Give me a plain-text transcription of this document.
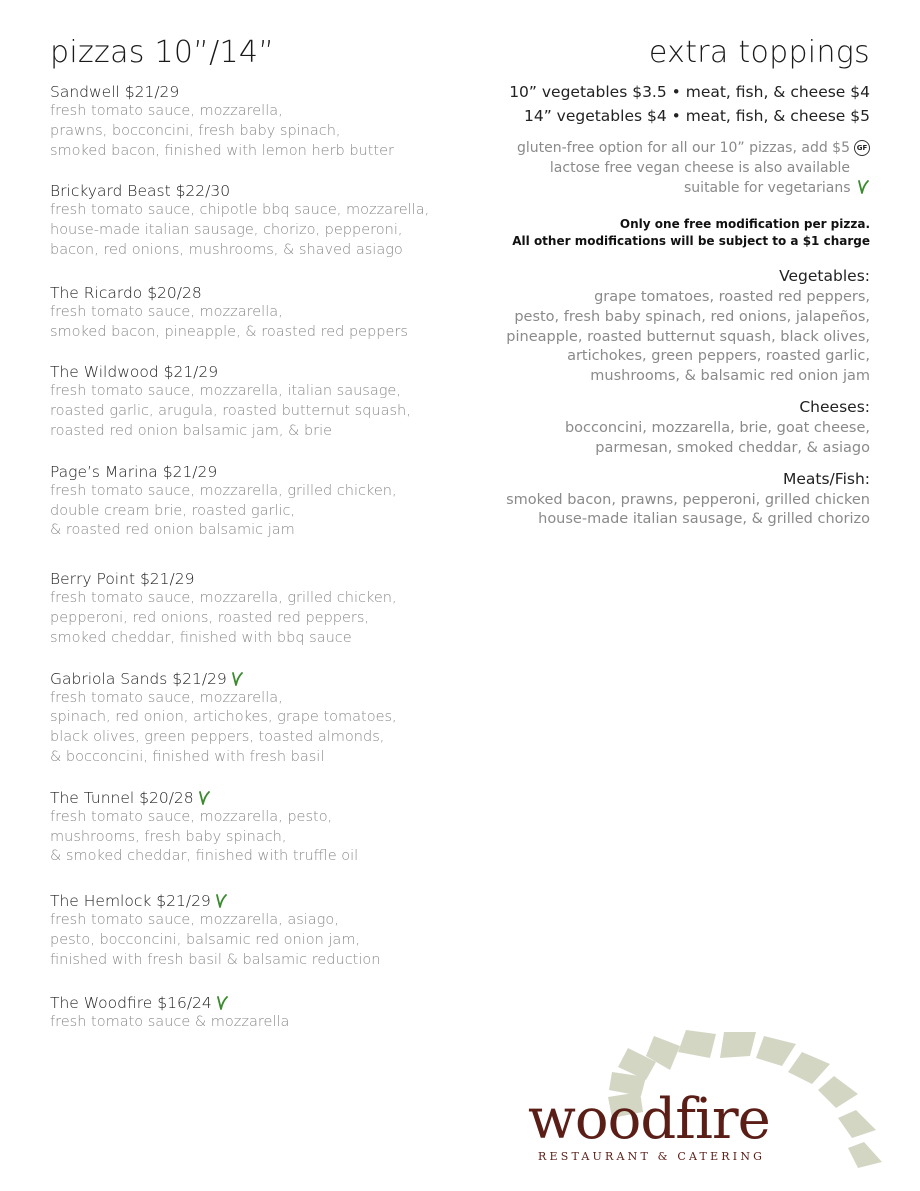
pizzas 10”/14”
Sandwell $21/29
fresh tomato sauce, mozzarella,
prawns, bocconcini, fresh baby spinach,
smoked bacon, finished with lemon herb butter
Brickyard Beast $22/30
fresh tomato sauce, chipotle bbq sauce, mozzarella,
house-made italian sausage, chorizo, pepperoni,
bacon, red onions, mushrooms, & shaved asiago
The Ricardo $20/28
fresh tomato sauce, mozzarella,
smoked bacon, pineapple, & roasted red peppers
The Wildwood $21/29
fresh tomato sauce, mozzarella, italian sausage,
roasted garlic, arugula, roasted butternut squash,
roasted red onion balsamic jam, & brie
Page’s Marina $21/29
fresh tomato sauce, mozzarella, grilled chicken,
double cream brie, roasted garlic,
& roasted red onion balsamic jam
Berry Point $21/29
fresh tomato sauce, mozzarella, grilled chicken,
pepperoni, red onions, roasted red peppers,
smoked cheddar, finished with bbq sauce
Gabriola Sands $21/29
fresh tomato sauce, mozzarella,
spinach, red onion, artichokes, grape tomatoes,
black olives, green peppers, toasted almonds,
& bocconcini, finished with fresh basil
The Tunnel $20/28
fresh tomato sauce, mozzarella, pesto,
mushrooms, fresh baby spinach,
& smoked cheddar, finished with truffle oil
The Hemlock $21/29
fresh tomato sauce, mozzarella, asiago,
pesto, bocconcini, balsamic red onion jam,
finished with fresh basil & balsamic reduction
The Woodfire $16/24
fresh tomato sauce & mozzarella
extra toppings
10” vegetables $3.5 • meat, fish, & cheese $4
14” vegetables $4 • meat, fish, & cheese $5
gluten-free option for all our 10” pizzas, add $5 GF
lactose free vegan cheese is also available
suitable for vegetarians
Only one free modification per pizza.
All other modifications will be subject to a $1 charge
Vegetables:
grape tomatoes, roasted red peppers,
pesto, fresh baby spinach, red onions, jalapeños,
pineapple, roasted butternut squash, black olives,
artichokes, green peppers, roasted garlic,
mushrooms, & balsamic red onion jam
Cheeses:
bocconcini, mozzarella, brie, goat cheese,
parmesan, smoked cheddar, & asiago
Meats/Fish:
smoked bacon, prawns, pepperoni, grilled chicken
house-made italian sausage, & grilled chorizo
woodfire
RESTAURANT & CATERING
